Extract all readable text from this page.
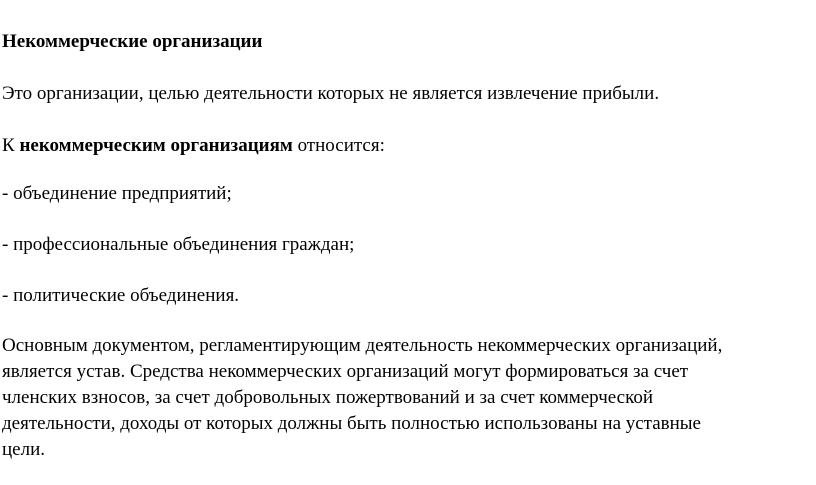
Некоммерческие организации
Это организации, целью деятельности которых не является извлечение прибыли.
К некоммерческим организациям относится:
- объединение предприятий;
- профессиональные объединения граждан;
- политические объединения.
Основным документом, регламентирующим деятельность некоммерческих организаций,
является устав. Средства некоммерческих организаций могут формироваться за счет
членских взносов, за счет добровольных пожертвований и за счет коммерческой
деятельности, доходы от которых должны быть полностью использованы на уставные
цели.
